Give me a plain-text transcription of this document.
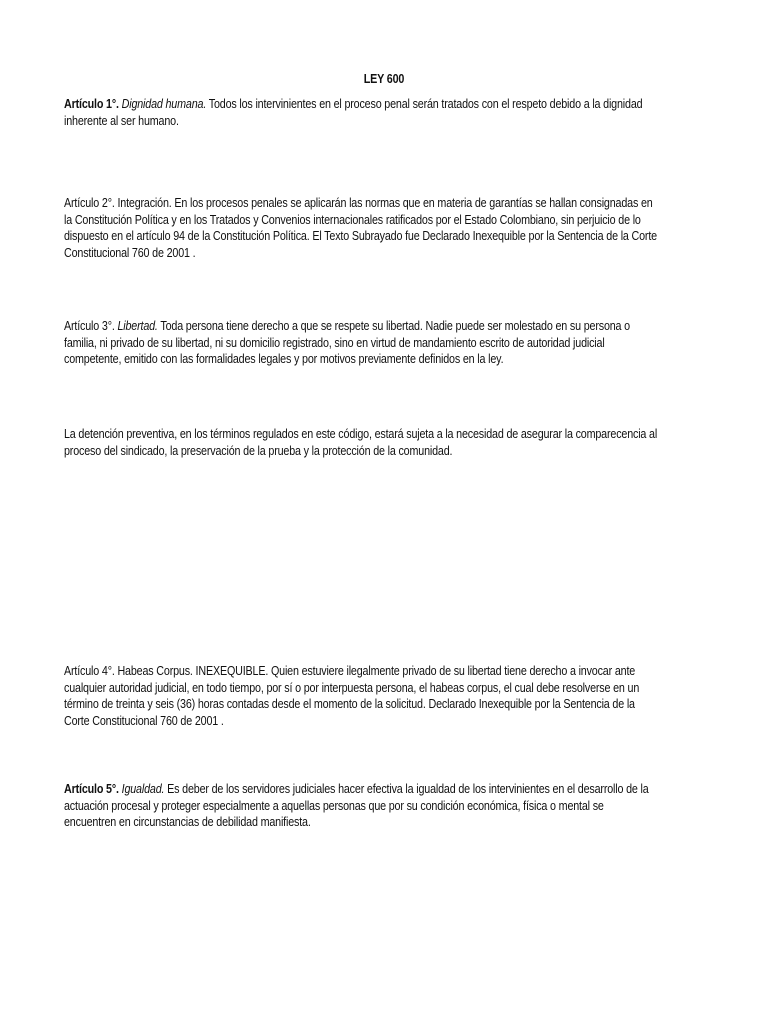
LEY 600

Artículo 1°. Dignidad humana. Todos los intervinientes en el proceso penal serán tratados con el respeto debido a la dignidad inherente al ser humano.

Artículo 2°. Integración. En los procesos penales se aplicarán las normas que en materia de garantías se hallan consignadas en la Constitución Política y en los Tratados y Convenios internacionales ratificados por el Estado Colombiano, sin perjuicio de lo dispuesto en el artículo 94 de la Constitución Política. El Texto Subrayado fue Declarado Inexequible por la Sentencia de la Corte Constitucional 760 de 2001 .

Artículo 3°. Libertad. Toda persona tiene derecho a que se respete su libertad. Nadie puede ser molestado en su persona o familia, ni privado de su libertad, ni su domicilio registrado, sino en virtud de mandamiento escrito de autoridad judicial competente, emitido con las formalidades legales y por motivos previamente definidos en la ley.

La detención preventiva, en los términos regulados en este código, estará sujeta a la necesidad de asegurar la comparecencia al proceso del sindicado, la preservación de la prueba y la protección de la comunidad.

Artículo 4°. Habeas Corpus. INEXEQUIBLE. Quien estuviere ilegalmente privado de su libertad tiene derecho a invocar ante cualquier autoridad judicial, en todo tiempo, por sí o por interpuesta persona, el habeas corpus, el cual debe resolverse en un término de treinta y seis (36) horas contadas desde el momento de la solicitud. Declarado Inexequible por la Sentencia de la Corte Constitucional 760 de 2001 .

Artículo 5°. Igualdad. Es deber de los servidores judiciales hacer efectiva la igualdad de los intervinientes en el desarrollo de la actuación procesal y proteger especialmente a aquellas personas que por su condición económica, física o mental se encuentren en circunstancias de debilidad manifiesta.
